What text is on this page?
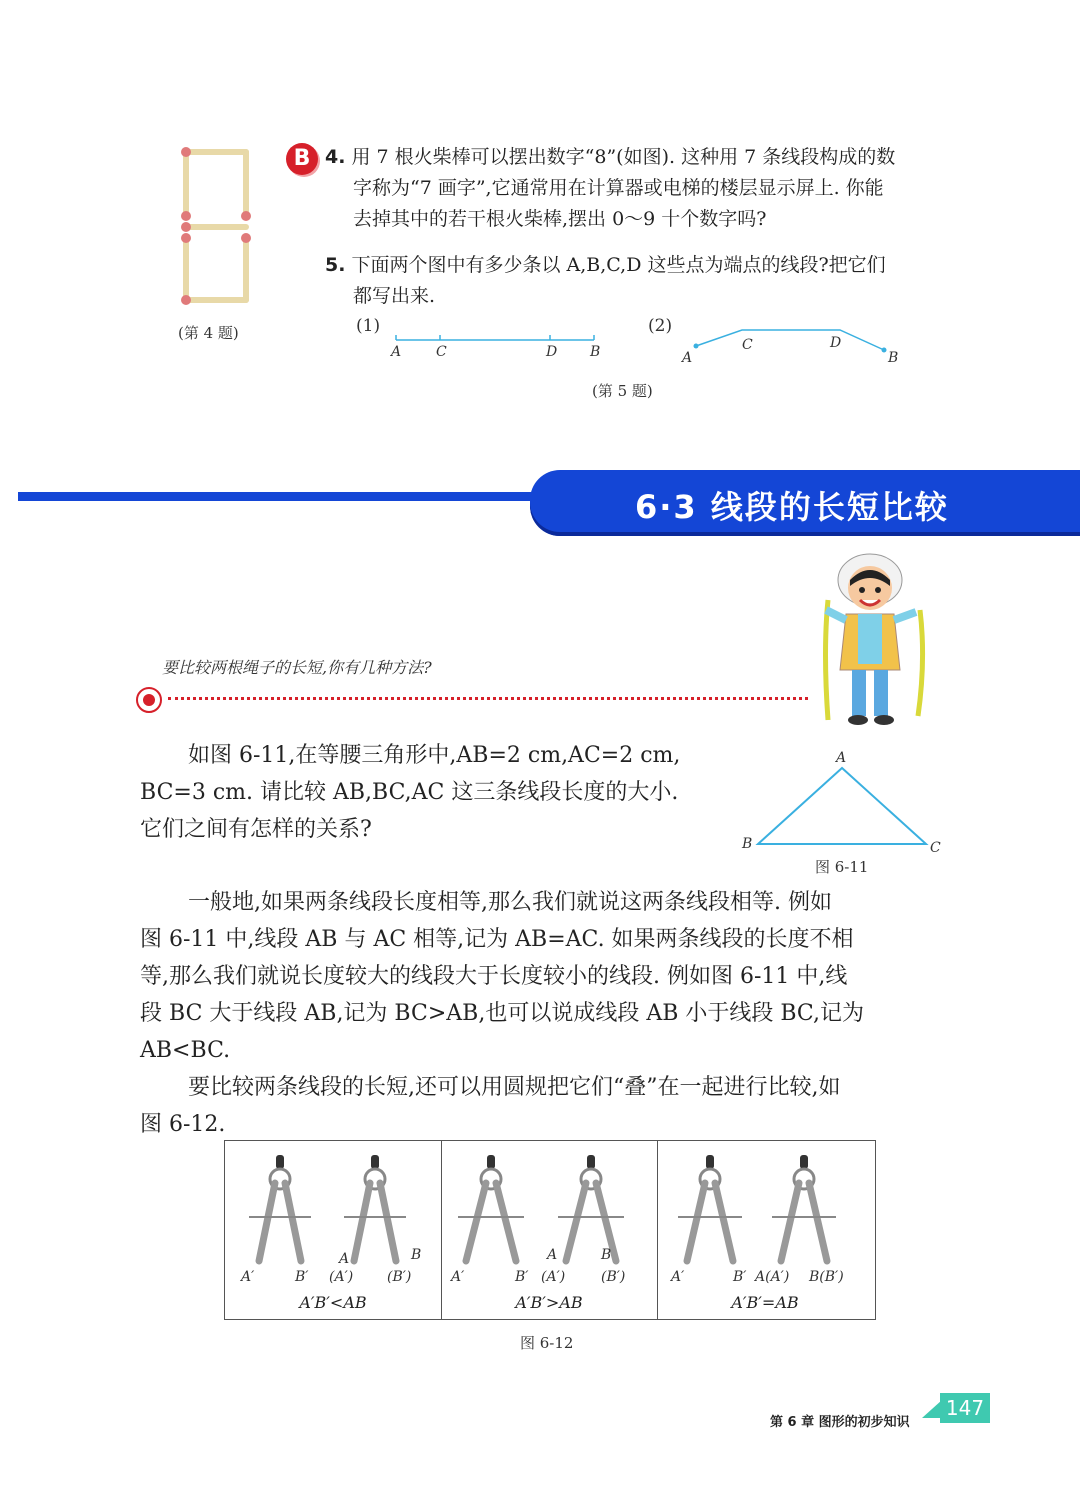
(第 4 题)
B 4. 用 7 根火柴棒可以摆出数字“8”(如图). 这种用 7 条线段构成的数
字称为“7 画字”,它通常用在计算器或电梯的楼层显示屏上. 你能
去掉其中的若干根火柴棒,摆出 0～9 十个数字吗?
5. 下面两个图中有多少条以 A,B,C,D 这些点为端点的线段?把它们
都写出来.
(1)
A C	D B
(2)
A
C	D
B
(第 5 题)
6·3 线段的长短比较
要比较两根绳子的长短,你有几种方法?
如图 6-11,在等腰三角形中,AB=2 cm,AC=2 cm,
BC=3 cm. 请比较 AB,BC,AC 这三条线段长度的大小.
它们之间有怎样的关系?
A
B	C
图 6-11
一般地,如果两条线段长度相等,那么我们就说这两条线段相等. 例如
图 6-11 中,线段 AB 与 AC 相等,记为 AB=AC. 如果两条线段的长度不相
等,那么我们就说长度较大的线段大于长度较小的线段. 例如图 6-11 中,线
段 BC 大于线段 AB,记为 BC>AB,也可以说成线段 AB 小于线段 BC,记为
AB<BC.
要比较两条线段的长短,还可以用圆规把它们“叠”在一起进行比较,如
图 6-12.
A′	B′
A	B
(A′) (B′)
A′B′<AB
A′	B′
A	B
(A′)	(B′)
A′B′>AB
A′	B′ A(A′) B(B′)
A′B′=AB
图 6-12
第 6 章 图形的初步知识
147
